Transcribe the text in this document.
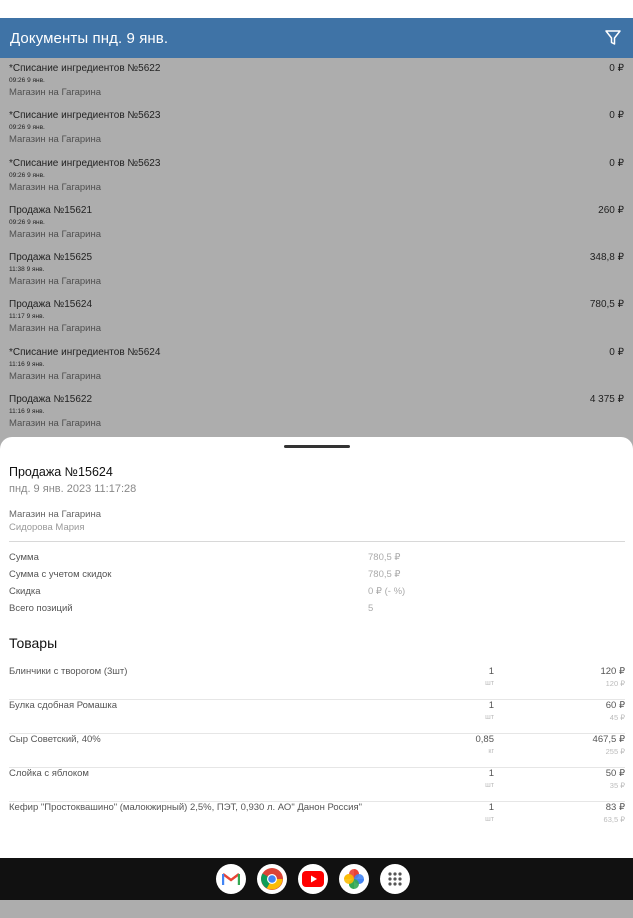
Документы пнд. 9 янв.
*Списание ингредиентов №5622
09:26 9 янв.
Магазин на Гагарина
0 ₽
*Списание ингредиентов №5623
09:26 9 янв.
Магазин на Гагарина
0 ₽
*Списание ингредиентов №5623
09:26 9 янв.
Магазин на Гагарина
0 ₽
Продажа №15621
09:26 9 янв.
Магазин на Гагарина
260 ₽
Продажа №15625
11:38 9 янв.
Магазин на Гагарина
348,8 ₽
Продажа №15624
11:17 9 янв.
Магазин на Гагарина
780,5 ₽
*Списание ингредиентов №5624
11:16 9 янв.
Магазин на Гагарина
0 ₽
Продажа №15622
11:16 9 янв.
Магазин на Гагарина
4 375 ₽
Продажа №15624
пнд. 9 янв. 2023 11:17:28
Магазин на Гагарина
Сидорова Мария
Сумма	780,5 ₽
Сумма с учетом скидок	780,5 ₽
Скидка	0 ₽ (- %)
Всего позиций	5
Товары
Блинчики с творогом (3шт)	1
шт
120 ₽
120 ₽
Булка сдобная Ромашка	1
шт
60 ₽
45 ₽
Сыр Советский, 40%	0,85
кг
467,5 ₽
255 ₽
Слойка с яблоком	1
шт
50 ₽
35 ₽
Кефир "Простоквашино" (малокжирный) 2,5%, ПЭТ, 0,930 л. АО" Данон Россия"	1
шт
83 ₽
63,5 ₽
